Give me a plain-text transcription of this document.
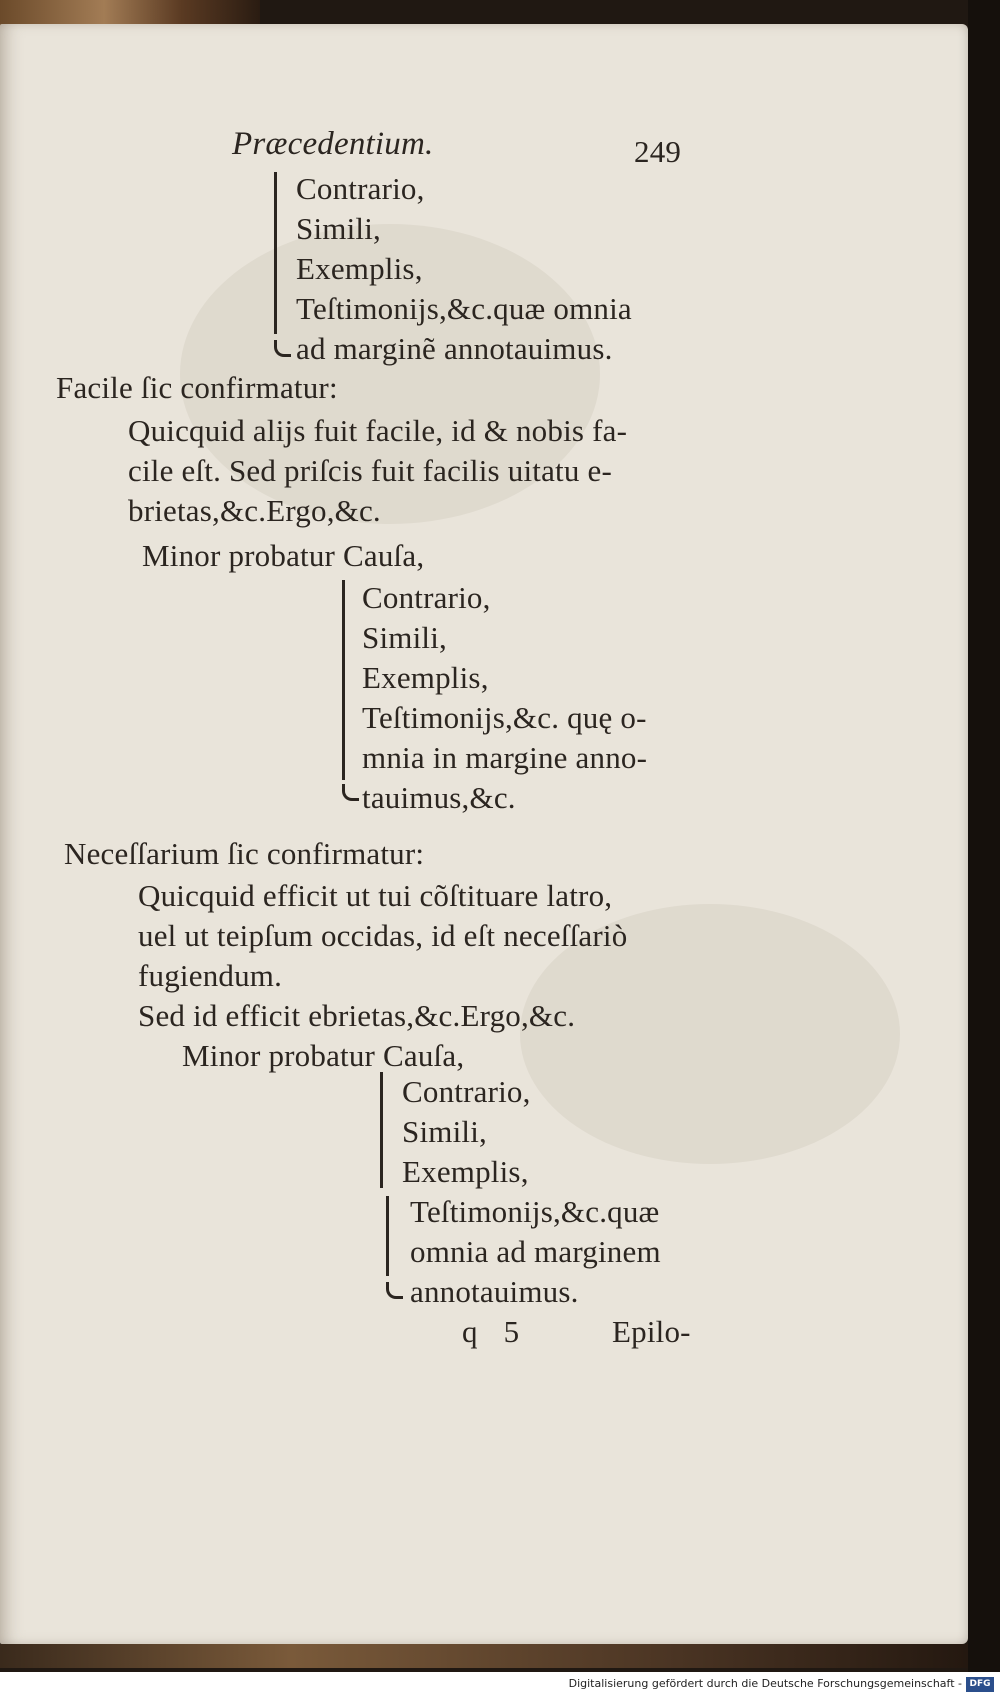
Præcedentium.	249
Contrario,
Simili,
Exemplis,
Teſtimonijs,&c.quæ omnia
ad marginẽ annotauimus.
Facile ſic confirmatur:
Quicquid alijs fuit facile, id & nobis fa-
cile eſt. Sed priſcis fuit facilis uitatu e-
brietas,&c.Ergo,&c.
Minor probatur Cauſa,
Contrario,
Simili,
Exemplis,
Teſtimonijs,&c. quę o-
mnia in margine anno-
tauimus,&c.
Neceſſarium ſic confirmatur:
Quicquid efficit ut tui cõſtituare latro,
uel ut teipſum occidas, id eſt neceſſariò
fugiendum.
Sed id efficit ebrietas,&c.Ergo,&c.
Minor probatur Cauſa,
Contrario,
Simili,
Exemplis,
Teſtimonijs,&c.quæ
omnia ad marginem
annotauimus.
q 5	Epilo-
Digitalisierung gefördert durch die Deutsche Forschungsgemeinschaft - DFG
